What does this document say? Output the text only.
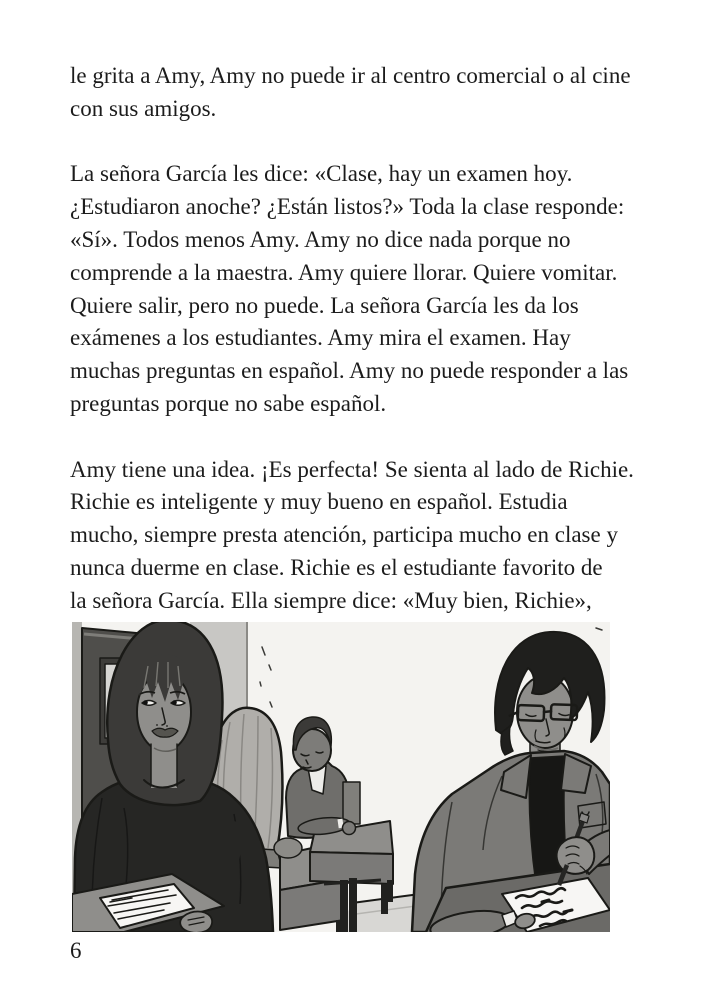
le grita a Amy, Amy no puede ir al centro comercial o al cine
con sus amigos.

La señora García les dice: «Clase, hay un examen hoy.
¿Estudiaron anoche? ¿Están listos?» Toda la clase responde:
«Sí». Todos menos Amy. Amy no dice nada porque no
comprende a la maestra. Amy quiere llorar. Quiere vomitar.
Quiere salir, pero no puede. La señora García les da los
exámenes a los estudiantes. Amy mira el examen. Hay
muchas preguntas en español. Amy no puede responder a las
preguntas porque no sabe español.

Amy tiene una idea. ¡Es perfecta! Se sienta al lado de Richie.
Richie es inteligente y muy bueno en español. Estudia
mucho, siempre presta atención, participa mucho en clase y
nunca duerme en clase. Richie es el estudiante favorito de
la señora García. Ella siempre dice: «Muy bien, Richie»,

6
